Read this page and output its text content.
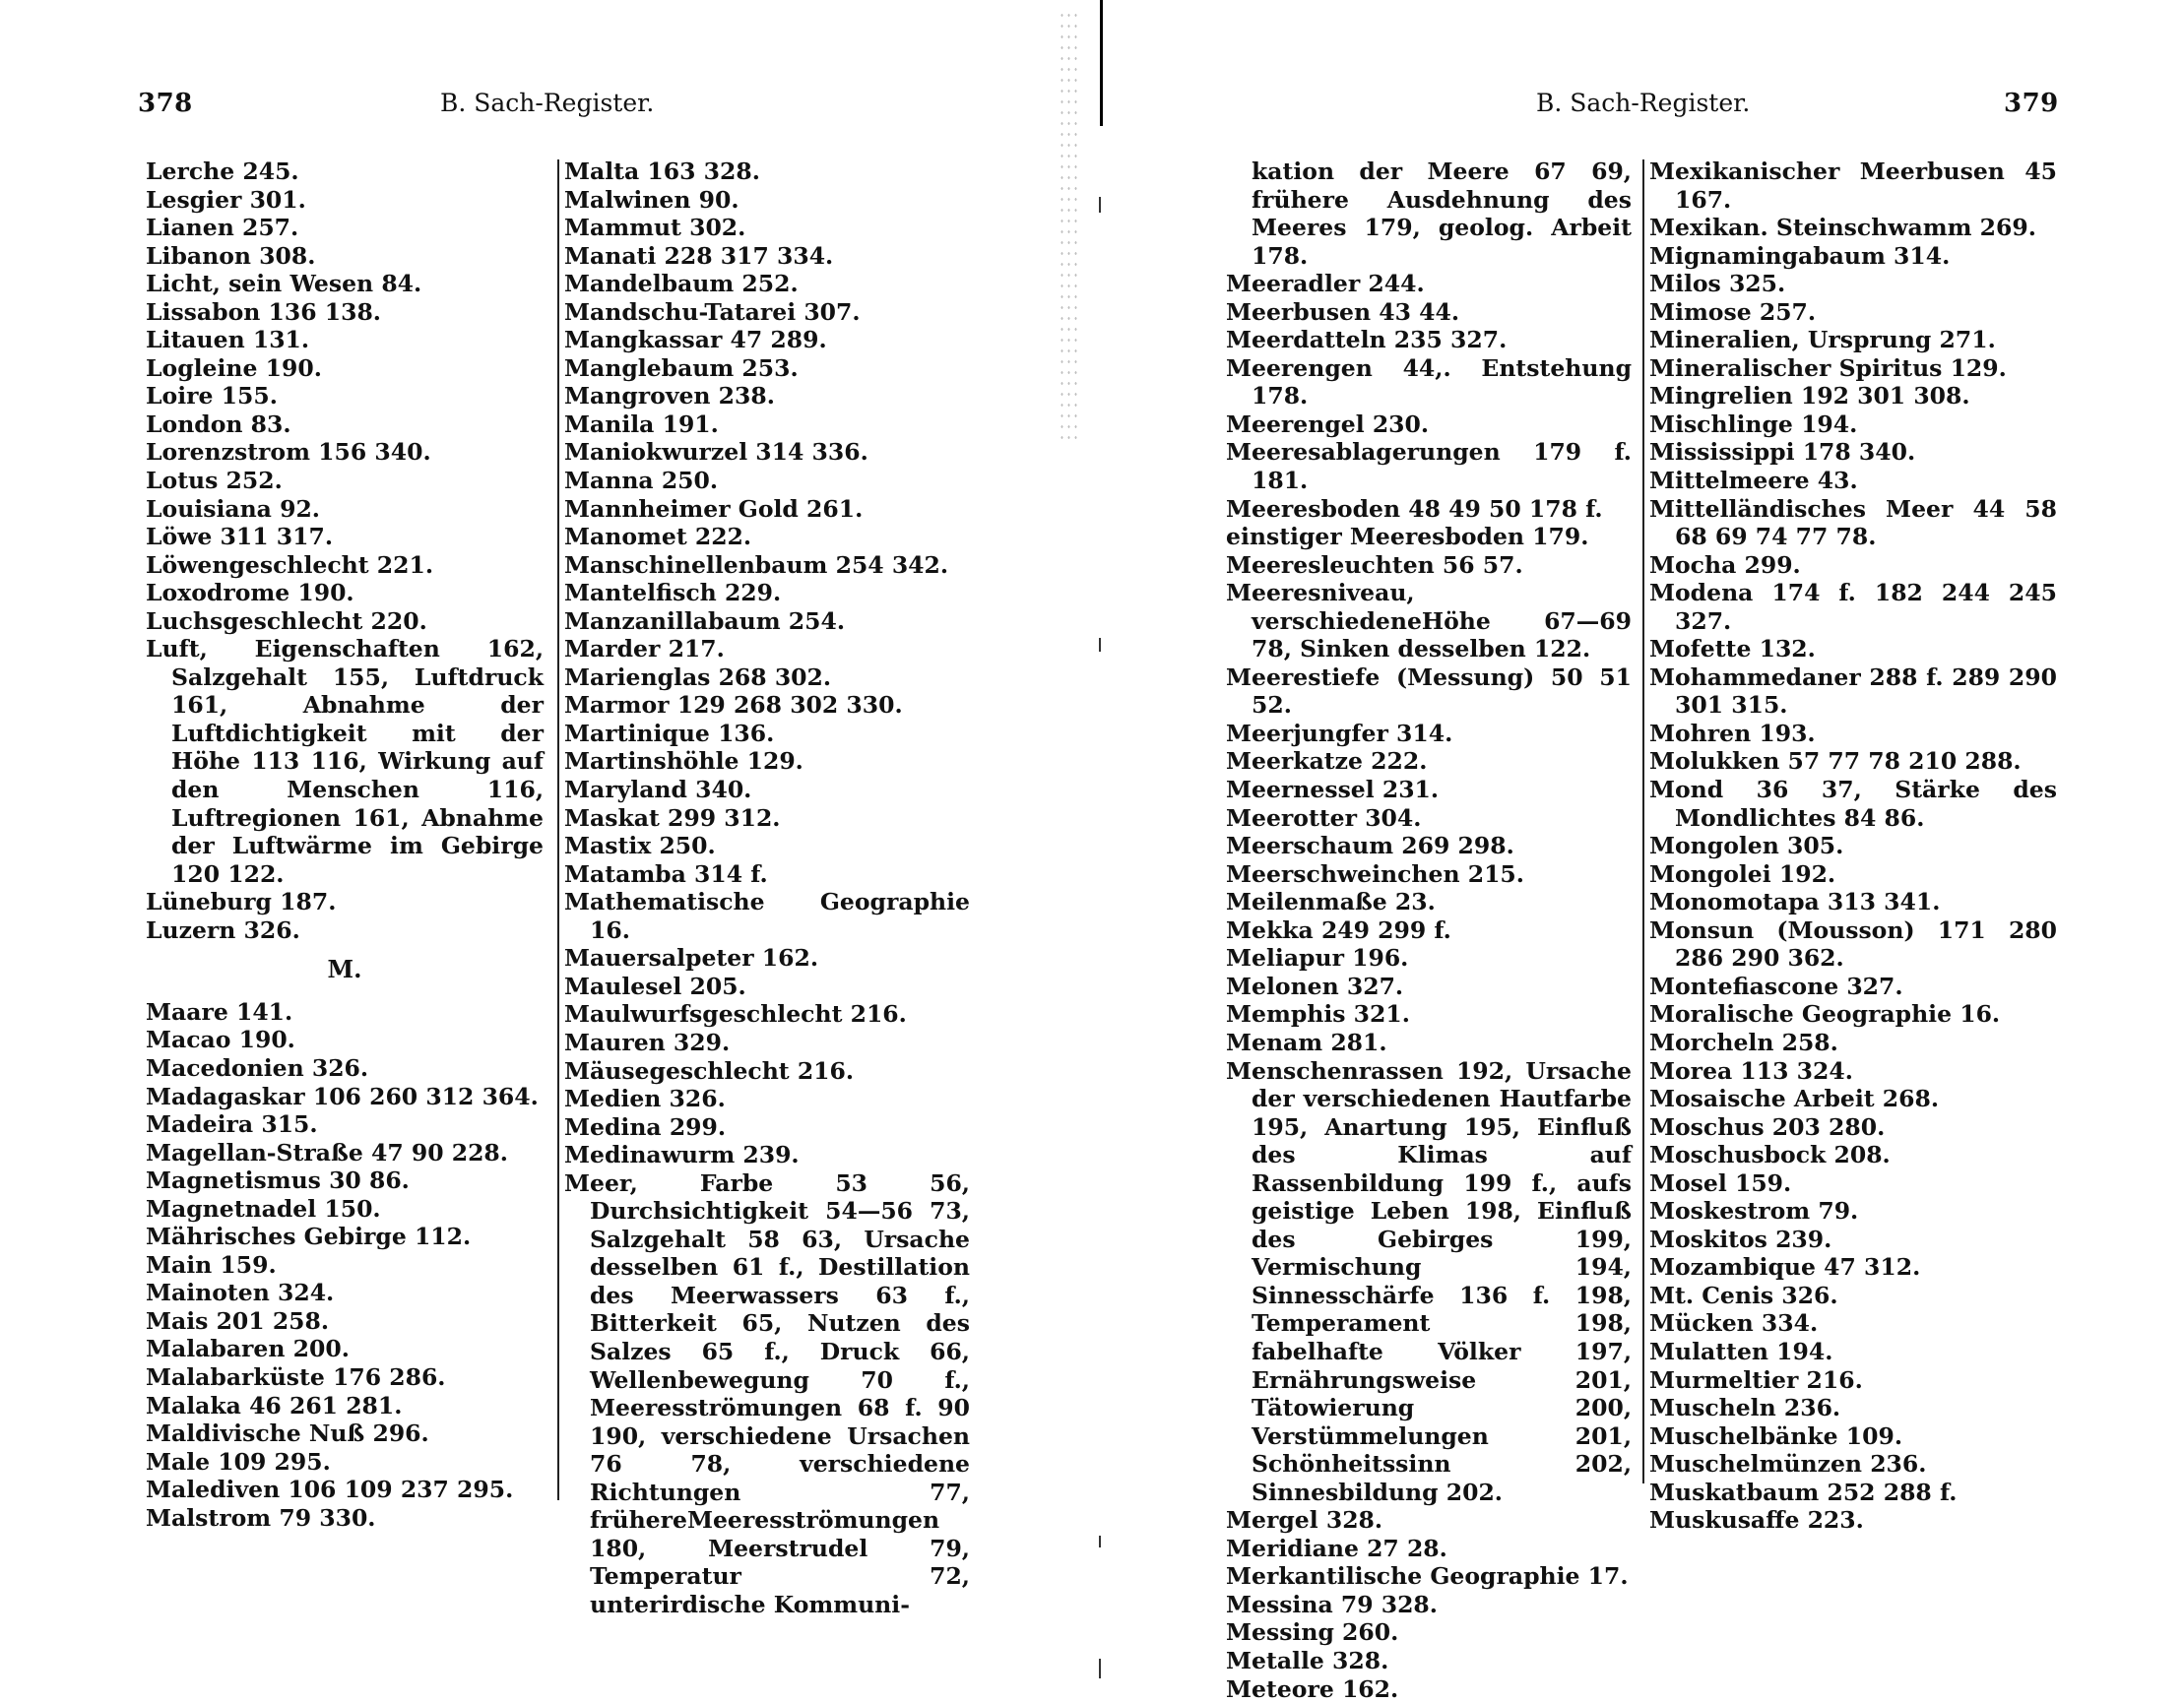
378	B. Sach-Register.
Lerche 245.
Lesgier 301.
Lianen 257.
Libanon 308.
Licht, sein Wesen 84.
Lissabon 136 138.
Litauen 131.
Logleine 190.
Loire 155.
London 83.
Lorenzstrom 156 340.
Lotus 252.
Louisiana 92.
Löwe 311 317.
Löwengeschlecht 221.
Loxodrome 190.
Luchsgeschlecht 220.
Luft, Eigenschaften 162, Salzgehalt 155, Luftdruck 161, Abnahme der Luftdichtigkeit mit der Höhe 113 116, Wirkung auf den Menschen 116, Luftregionen 161, Abnahme der Luftwärme im Gebirge 120 122.
Lüneburg 187.
Luzern 326.
M.
Maare 141.
Macao 190.
Macedonien 326.
Madagaskar 106 260 312 364.
Madeira 315.
Magellan-Straße 47 90 228.
Magnetismus 30 86.
Magnetnadel 150.
Mährisches Gebirge 112.
Main 159.
Mainoten 324.
Mais 201 258.
Malabaren 200.
Malabarküste 176 286.
Malaka 46 261 281.
Maldivische Nuß 296.
Male 109 295.
Malediven 106 109 237 295.
Malstrom 79 330.
Malta 163 328.
Malwinen 90.
Mammut 302.
Manati 228 317 334.
Mandelbaum 252.
Mandschu-Tatarei 307.
Mangkassar 47 289.
Manglebaum 253.
Mangroven 238.
Manila 191.
Maniokwurzel 314 336.
Manna 250.
Mannheimer Gold 261.
Manomet 222.
Manschinellenbaum 254 342.
Mantelfisch 229.
Manzanillabaum 254.
Marder 217.
Marienglas 268 302.
Marmor 129 268 302 330.
Martinique 136.
Martinshöhle 129.
Maryland 340.
Maskat 299 312.
Mastix 250.
Matamba 314 f.
Mathematische Geographie 16.
Mauersalpeter 162.
Maulesel 205.
Maulwurfsgeschlecht 216.
Mauren 329.
Mäusegeschlecht 216.
Medien 326.
Medina 299.
Medinawurm 239.
Meer, Farbe 53 56, Durchsichtigkeit 54—56 73, Salzgehalt 58 63, Ursache desselben 61 f., Destillation des Meerwassers 63 f., Bitterkeit 65, Nutzen des Salzes 65 f., Druck 66, Wellenbewegung 70 f., Meeresströmungen 68 f. 90 190, verschiedene Ursachen 76 78, verschiedene Richtungen 77, frühereMeeresströmungen 180, Meerstrudel 79, Temperatur 72, unterirdische Kommuni-
B. Sach-Register.	379
kation der Meere 67 69, frühere Ausdehnung des Meeres 179, geolog. Arbeit 178.
Meeradler 244.
Meerbusen 43 44.
Meerdatteln 235 327.
Meerengen 44,. Entstehung 178.
Meerengel 230.
Meeresablagerungen 179 f. 181.
Meeresboden 48 49 50 178 f.
einstiger Meeresboden 179.
Meeresleuchten 56 57.
Meeresniveau, verschiedeneHöhe 67—69 78, Sinken desselben 122.
Meerestiefe (Messung) 50 51 52.
Meerjungfer 314.
Meerkatze 222.
Meernessel 231.
Meerotter 304.
Meerschaum 269 298.
Meerschweinchen 215.
Meilenmaße 23.
Mekka 249 299 f.
Meliapur 196.
Melonen 327.
Memphis 321.
Menam 281.
Menschenrassen 192, Ursache der verschiedenen Hautfarbe 195, Anartung 195, Einfluß des Klimas auf Rassenbildung 199 f., aufs geistige Leben 198, Einfluß des Gebirges 199, Vermischung 194, Sinnesschärfe 136 f. 198, Temperament 198, fabelhafte Völker 197, Ernährungsweise 201, Tätowierung 200, Verstümmelungen 201, Schönheitssinn 202, Sinnesbildung 202.
Mergel 328.
Meridiane 27 28.
Merkantilische Geographie 17.
Messina 79 328.
Messing 260.
Metalle 328.
Meteore 162.
Mexikanischer Meerbusen 45 167.
Mexikan. Steinschwamm 269.
Mignamingabaum 314.
Milos 325.
Mimose 257.
Mineralien, Ursprung 271.
Mineralischer Spiritus 129.
Mingrelien 192 301 308.
Mischlinge 194.
Mississippi 178 340.
Mittelmeere 43.
Mittelländisches Meer 44 58 68 69 74 77 78.
Mocha 299.
Modena 174 f. 182 244 245 327.
Mofette 132.
Mohammedaner 288 f. 289 290 301 315.
Mohren 193.
Molukken 57 77 78 210 288.
Mond 36 37, Stärke des Mondlichtes 84 86.
Mongolen 305.
Mongolei 192.
Monomotapa 313 341.
Monsun (Mousson) 171 280 286 290 362.
Montefiascone 327.
Moralische Geographie 16.
Morcheln 258.
Morea 113 324.
Mosaische Arbeit 268.
Moschus 203 280.
Moschusbock 208.
Mosel 159.
Moskestrom 79.
Moskitos 239.
Mozambique 47 312.
Mt. Cenis 326.
Mücken 334.
Mulatten 194.
Murmeltier 216.
Muscheln 236.
Muschelbänke 109.
Muschelmünzen 236.
Muskatbaum 252 288 f.
Muskusaffe 223.
